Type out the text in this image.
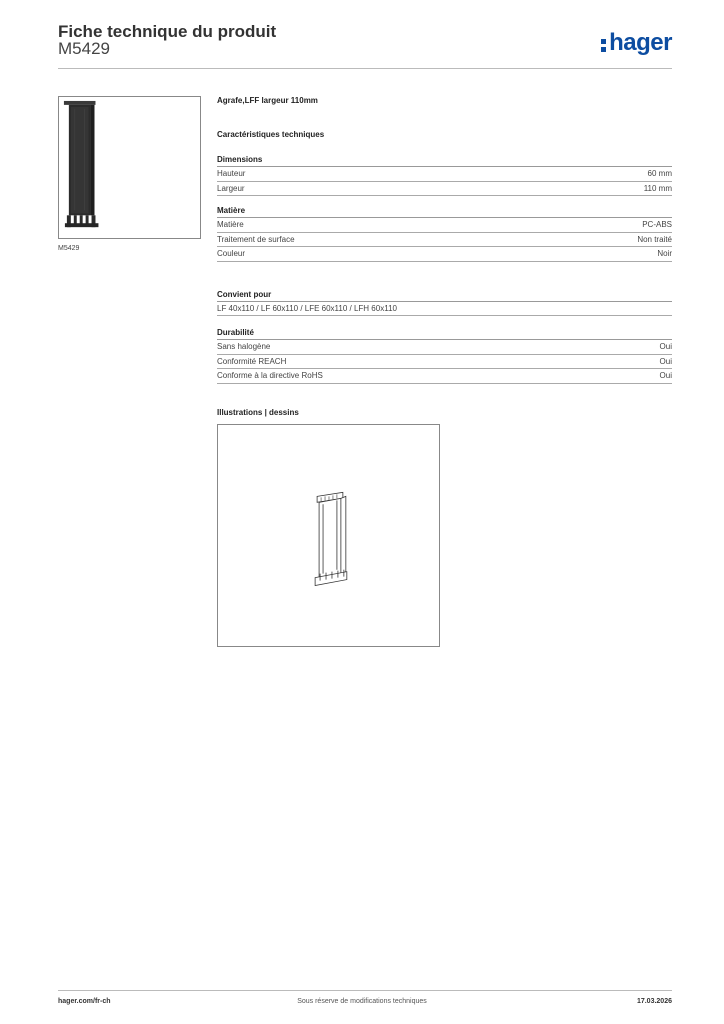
Fiche technique du produit
M5429	hager
M5429
Agrafe,LFF largeur 110mm
Caractéristiques techniques
Dimensions
Hauteur	60 mm
Largeur	110 mm
Matière
Matière	PC-ABS
Traitement de surface	Non traité
Couleur	Noir
Convient pour
LF 40x110 / LF 60x110 / LFE 60x110 / LFH 60x110
Durabilité
Sans halogène	Oui
Conformité REACH	Oui
Conforme à la directive RoHS	Oui
Illustrations | dessins
hager.com/fr-ch	Sous réserve de modifications techniques	17.03.2026
